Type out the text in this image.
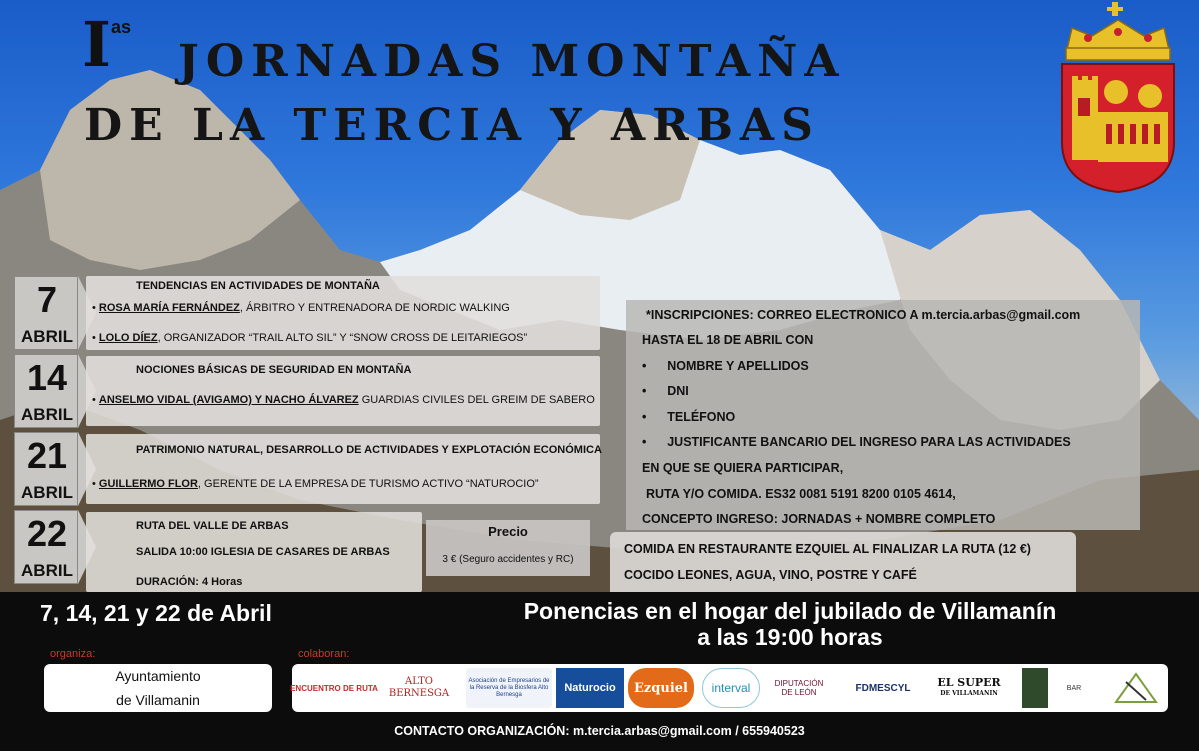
$I^{as}$
JORNADAS MONTAÑA
DE LA TERCIA Y ARBAS
7
ABRIL

TENDENCIAS EN ACTIVIDADES DE MONTAÑA

• ROSA MARÍA FERNÁNDEZ, ÁRBITRO Y ENTRENADORA DE NORDIC WALKING

• LOLO DÍEZ, ORGANIZADOR “TRAIL ALTO SIL” Y “SNOW CROSS DE LEITARIEGOS”

14
ABRIL

NOCIONES BÁSICAS DE SEGURIDAD EN MONTAÑA

• ANSELMO VIDAL (AVIGAMO) Y NACHO ÁLVAREZ GUARDIAS CIVILES DEL GREIM DE SABERO

21
ABRIL

PATRIMONIO NATURAL, DESARROLLO DE ACTIVIDADES Y EXPLOTACIÓN ECONÓMICA

• GUILLERMO FLOR, GERENTE DE LA EMPRESA DE TURISMO ACTIVO “NATUROCIO”

22
ABRIL

RUTA DEL VALLE DE ARBAS

SALIDA 10:00 IGLESIA DE CASARES DE ARBAS

DURACIÓN: 4 Horas

Precio
3 € (Seguro accidentes y RC)

*INSCRIPCIONES: CORREO ELECTRONICO A m.tercia.arbas@gmail.com

HASTA EL 18 DE ABRIL CON

•      NOMBRE Y APELLIDOS

•      DNI

•      TELÉFONO

•      JUSTIFICANTE BANCARIO DEL INGRESO PARA LAS ACTIVIDADES

EN QUE SE QUIERA PARTICIPAR,

RUTA Y/O COMIDA. ES32 0081 5191 8200 0105 4614,

CONCEPTO INGRESO: JORNADAS + NOMBRE COMPLETO

COMIDA EN RESTAURANTE EZQUIEL AL FINALIZAR LA RUTA (12 €)

COCIDO LEONES, AGUA, VINO, POSTRE Y CAFÉ

7, 14, 21 y 22 de Abril	Ponencias en el hogar del jubilado de Villamanín
a las 19:00 horas
organiza:	colaboran:

Ayuntamiento

de Villamanin

ENCUENTRO DE RUTA
ALTO
BERNESGA
Asociación de Empresarios de la Reserva de la Biosfera Alto Bernesga
Naturocio	Ezquiel	interval	DIPUTACIÓN
DE LEÓN	FDMESCYL	EL SUPER
DE VILLAMANIN
BAR
CONTACTO ORGANIZACIÓN: m.tercia.arbas@gmail.com / 655940523
